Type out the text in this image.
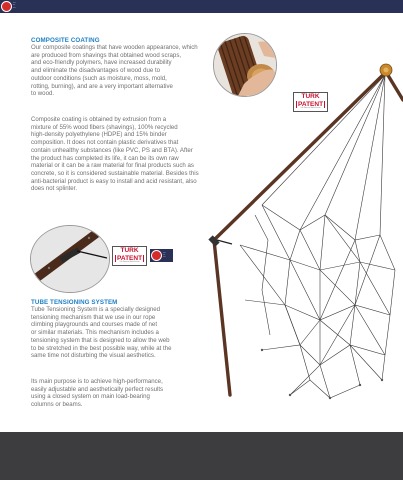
TURK
PATENT
Türk Patent ve Marka Kurumu
▪▪▪▪▪
▪▪▪▪
▪▪▪▪▪
TURK
PATENT
Türk Patent ve Marka Kurumu
▪▪▪▪▪
▪▪▪▪
▪▪▪▪▪
COMPOSITE COATING

Our composite coatings that have wooden appearance, which
are produced from shavings that obtained wood scraps,
and eco-friendly polymers, have increased durability
and eliminate the disadvantages of wood due to
outdoor conditions (such as moisture, moss, mold,
rotting, burning), and are a very important alternative
to wood.

Composite coating is obtained by extrusion from a
mixture of 55% wood fibers (shavings), 100% recycled
high-density polyethylene (HDPE) and 15% binder
composition. It does not contain plastic derivatives that
contain unhealthy substances (like PVC, PS and BTA). After
the product has completed its life, it can be its own raw
material or it can be a raw material for final products such as
concrete, so it is considered sustainable material. Besides this
anti-bacterial product is easy to install and acid resistant, also
does not splinter.

TUBE TENSIONING SYSTEM

Tube Tensioning System is a specially designed
tensioning mechanism that we use in our rope
climbing playgrounds and courses made of net
or similar materials. This mechanism includes a
tensioning system that is designed to allow the web
to be stretched in the best possible way, while at the
same time not disturbing the visual aesthetics.

Its main purpose is to achieve high-performance,
easily adjustable and aesthetically perfect results
using a closed system on main load-bearing
columns or beams.
